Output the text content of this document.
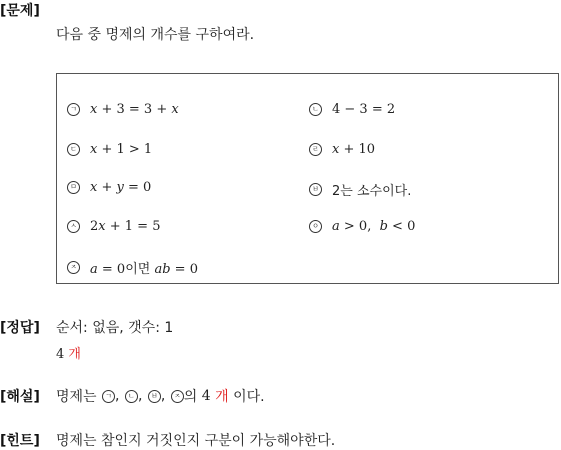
[문제]
다음 중 명제의 개수를 구하여라.
ㄱ x + 3 = 3 + x	ㄴ 4 − 3 = 2
ㄷ x + 1 > 1	ㄹ x + 10
ㅁ x + y = 0	ㅂ 2는 소수이다.
ㅅ 2x + 1 = 5	ㅇ a > 0,  b < 0
ㅈ a = 0이면 ab = 0
[정답] 순서: 없음, 갯수: 1
4 개
[해설] 명제는
	ㄱ , ㄴ , ㅂ , ㅈ 의
4
개
이다.
[힌트] 명제는 참인지 거짓인지 구분이 가능해야한다.
